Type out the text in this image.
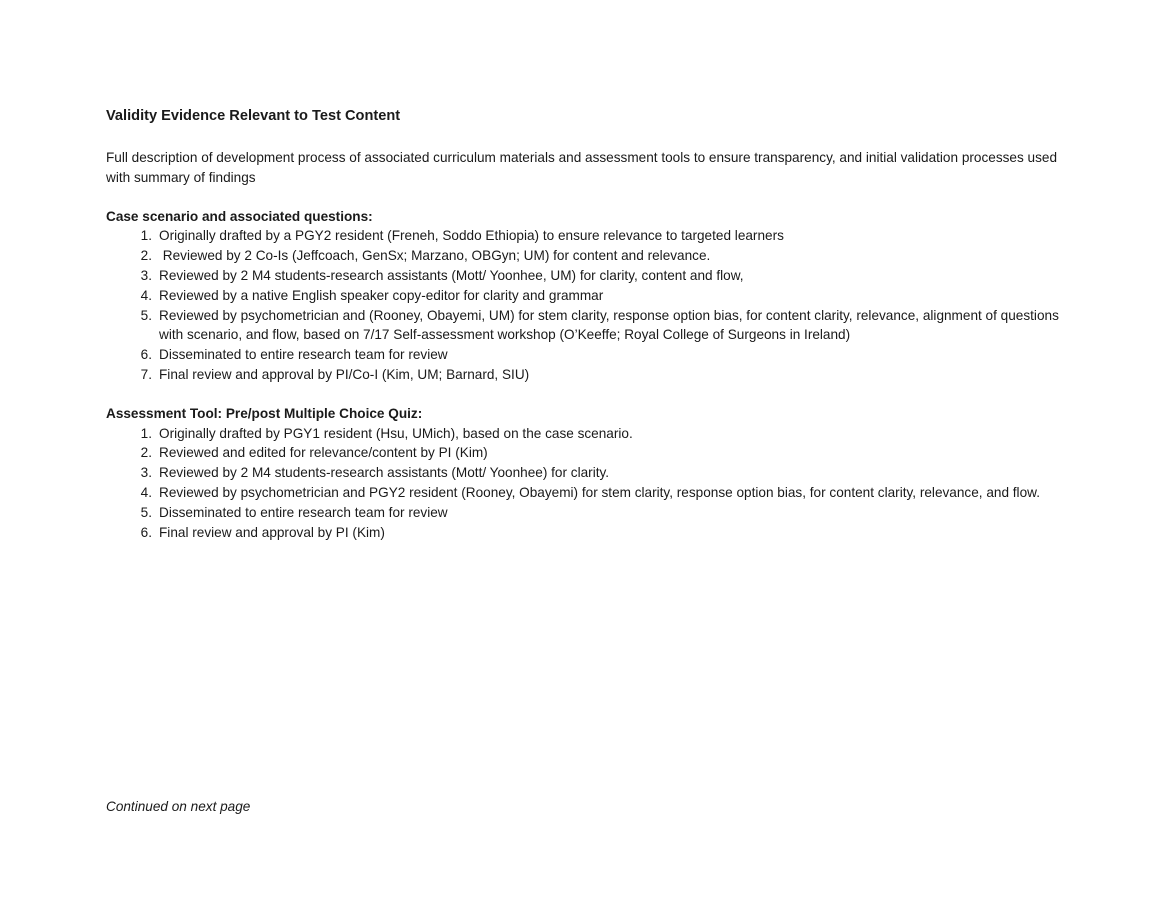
Validity Evidence Relevant to Test Content

Full description of development process of associated curriculum materials and assessment tools to ensure transparency, and initial validation processes used with summary of findings

Case scenario and associated questions:

1. Originally drafted by a PGY2 resident (Freneh, Soddo Ethiopia) to ensure relevance to targeted learners
2. Reviewed by 2 Co-Is (Jeffcoach, GenSx; Marzano, OBGyn; UM) for content and relevance.
3. Reviewed by 2 M4 students-research assistants (Mott/ Yoonhee, UM) for clarity, content and flow,
4. Reviewed by a native English speaker copy-editor for clarity and grammar
5. Reviewed by psychometrician and (Rooney, Obayemi, UM) for stem clarity, response option bias, for content clarity, relevance, alignment of questions with scenario, and flow, based on 7/17 Self-assessment workshop (O’Keeffe; Royal College of Surgeons in Ireland)
6. Disseminated to entire research team for review
7. Final review and approval by PI/Co-I (Kim, UM; Barnard, SIU)

Assessment Tool: Pre/post Multiple Choice Quiz:

1. Originally drafted by PGY1 resident (Hsu, UMich), based on the case scenario.
2. Reviewed and edited for relevance/content by PI (Kim)
3. Reviewed by 2 M4 students-research assistants (Mott/ Yoonhee) for clarity.
4. Reviewed by psychometrician and PGY2 resident (Rooney, Obayemi) for stem clarity, response option bias, for content clarity, relevance, and flow.
5. Disseminated to entire research team for review
6. Final review and approval by PI (Kim)
Continued on next page
